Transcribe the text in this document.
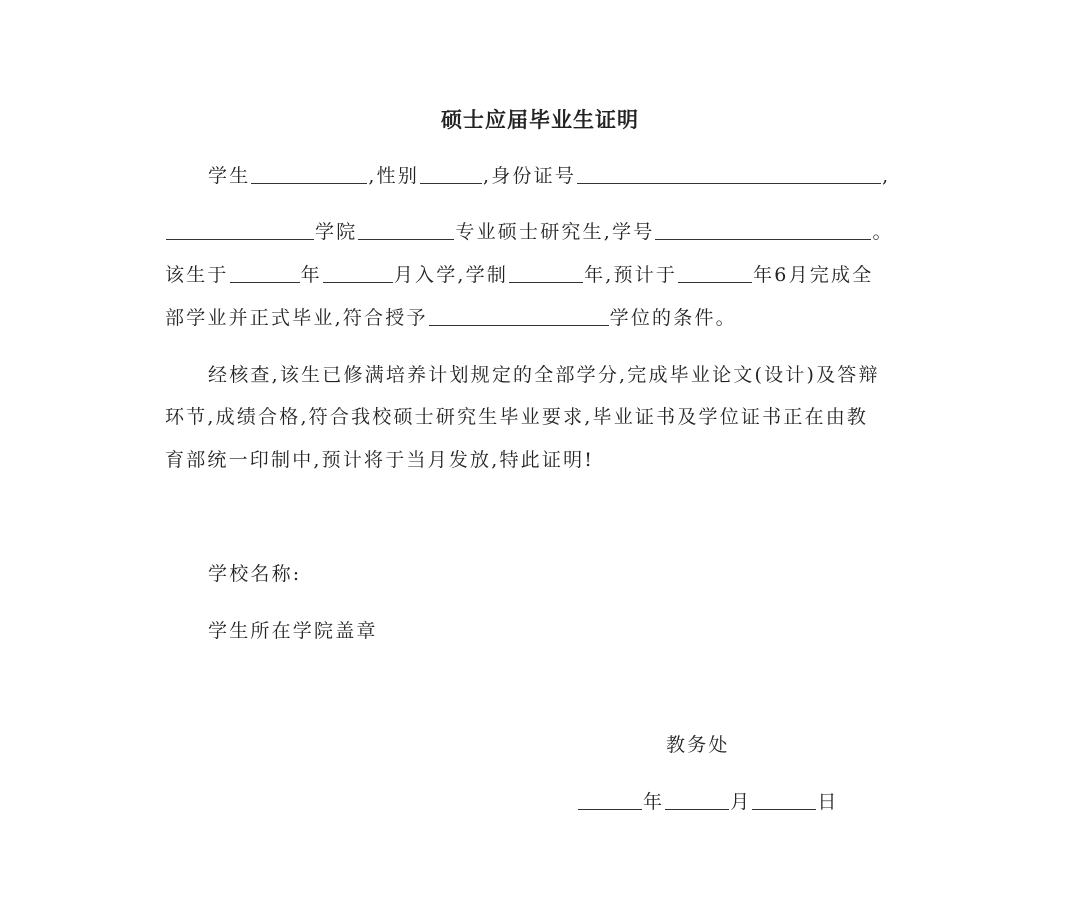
硕士应届毕业生证明
学生	,性别	,身份证号	,
学院	专业硕士研究生,学号	。
该生于	年	月入学,学制	年,预计于	年6月完成全
部学业并正式毕业,符合授予	学位的条件。
经核查,该生已修满培养计划规定的全部学分,完成毕业论文(设计)及答辩
环节,成绩合格,符合我校硕士研究生毕业要求,毕业证书及学位证书正在由教
育部统一印制中,预计将于当月发放,特此证明!
学校名称:
学生所在学院盖章
教务处
年	月	日
